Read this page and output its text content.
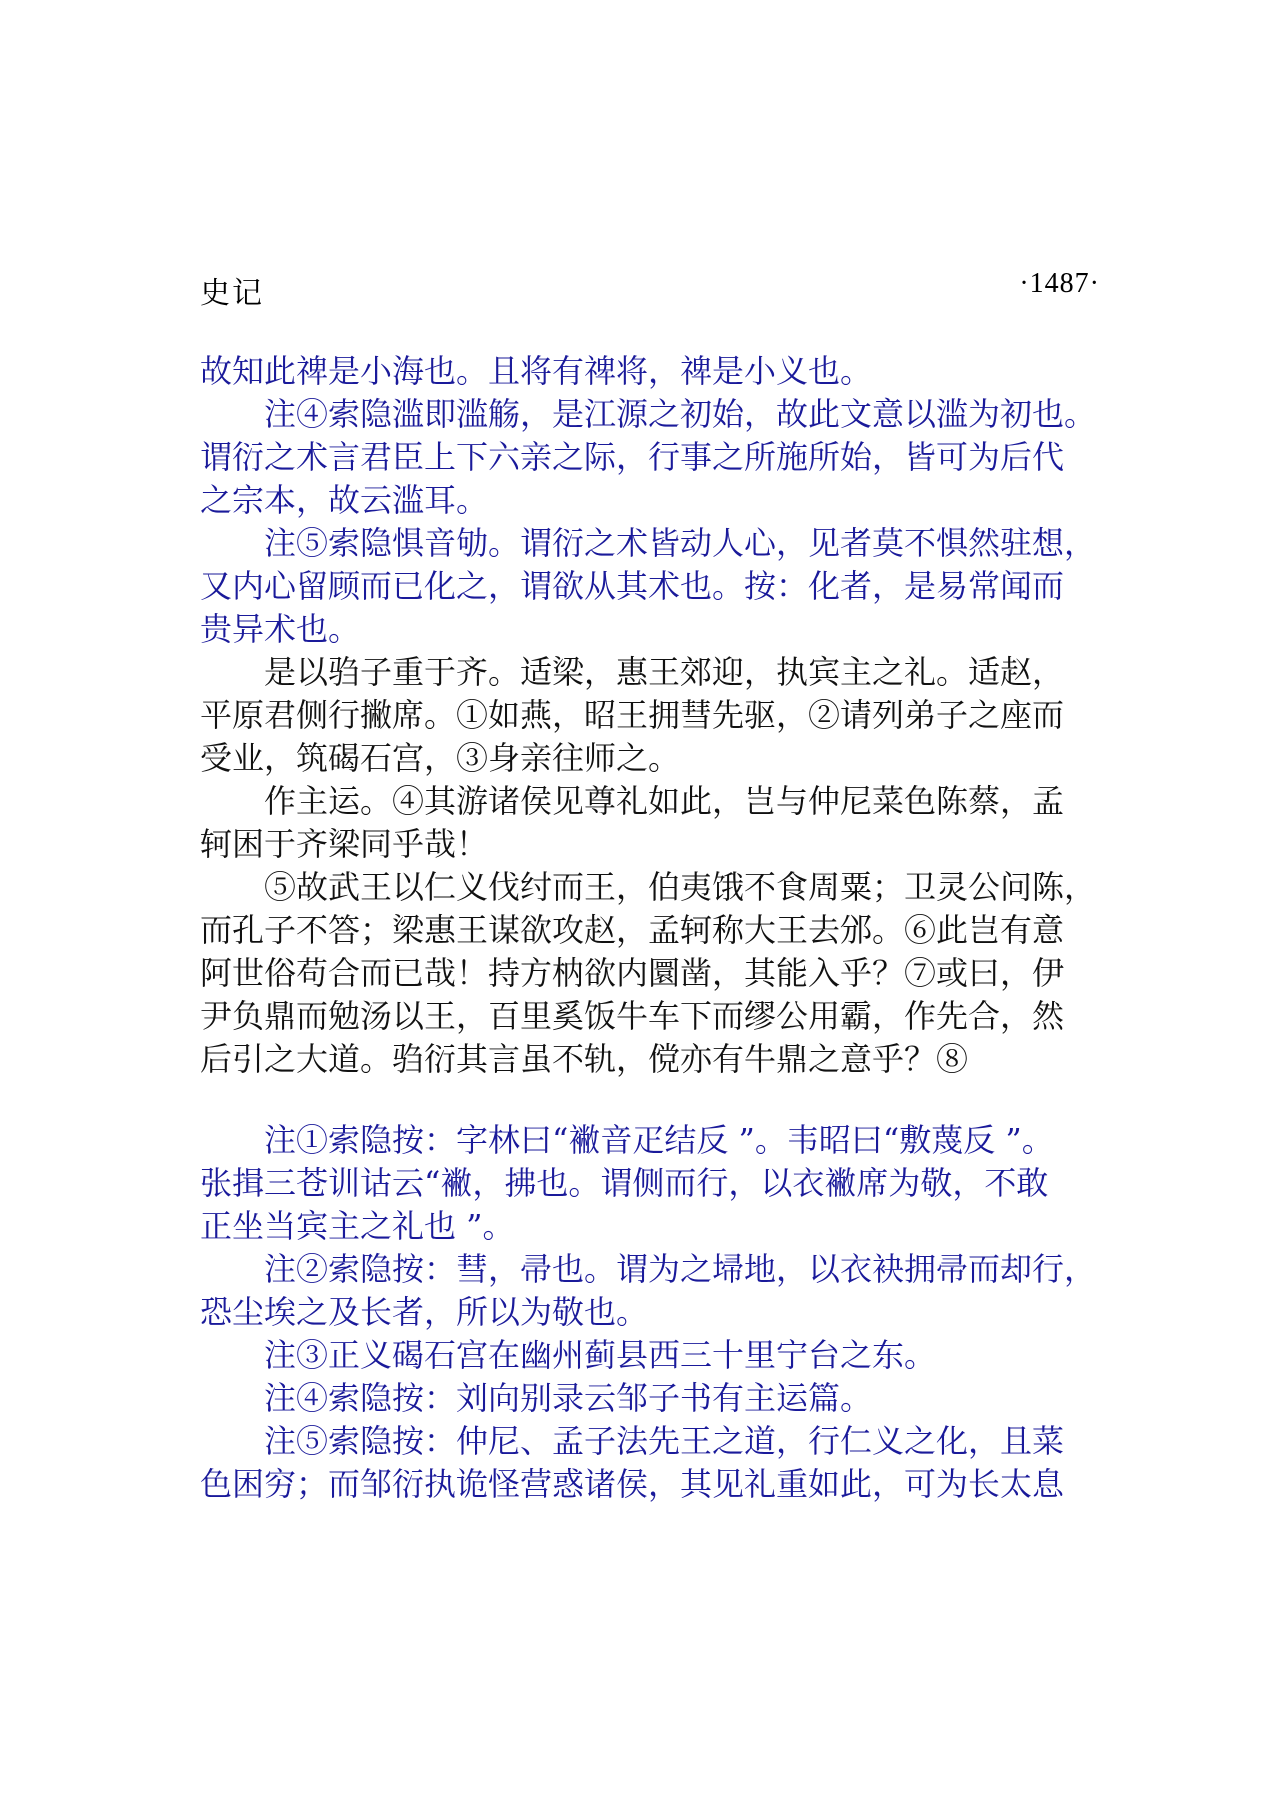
史记	·1487·
故知此禆是小海也。且将有禆将，禆是小义也。
注④索隐滥即滥觞，是江源之初始，故此文意以滥为初也。
谓衍之术言君臣上下六亲之际，行事之所施所始，皆可为后代
之宗本，故云滥耳。
注⑤索隐惧音劬。谓衍之术皆动人心，见者莫不惧然驻想，
又内心留顾而已化之，谓欲从其术也。按：化者，是易常闻而
贵异术也。
是以驺子重于齐。适梁，惠王郊迎，执宾主之礼。适赵，
平原君侧行撇席。①如燕，昭王拥彗先驱，②请列弟子之座而
受业，筑碣石宫，③身亲往师之。
作主运。④其游诸侯见尊礼如此，岂与仲尼菜色陈蔡，孟
轲困于齐梁同乎哉！
⑤故武王以仁义伐纣而王，伯夷饿不食周粟；卫灵公问陈，
而孔子不答；梁惠王谋欲攻赵，孟轲称大王去邠。⑥此岂有意
阿世俗苟合而已哉！持方枘欲内圜凿，其能入乎？⑦或曰，伊
尹负鼎而勉汤以王，百里奚饭牛车下而缪公用霸，作先合，然
后引之大道。驺衍其言虽不轨，傥亦有牛鼎之意乎？⑧
注①索隐按：字林曰“襒音疋结反 ”。韦昭曰“敷蔑反 ”。
张揖三苍训诂云“襒，拂也。谓侧而行，以衣襒席为敬，不敢
正坐当宾主之礼也 ”。
注②索隐按：彗，帚也。谓为之埽地，以衣袂拥帚而却行，
恐尘埃之及长者，所以为敬也。
注③正义碣石宫在幽州蓟县西三十里宁台之东。
注④索隐按：刘向别录云邹子书有主运篇。
注⑤索隐按：仲尼、孟子法先王之道，行仁义之化，且菜
色困穷；而邹衍执诡怪营惑诸侯，其见礼重如此，可为长太息
